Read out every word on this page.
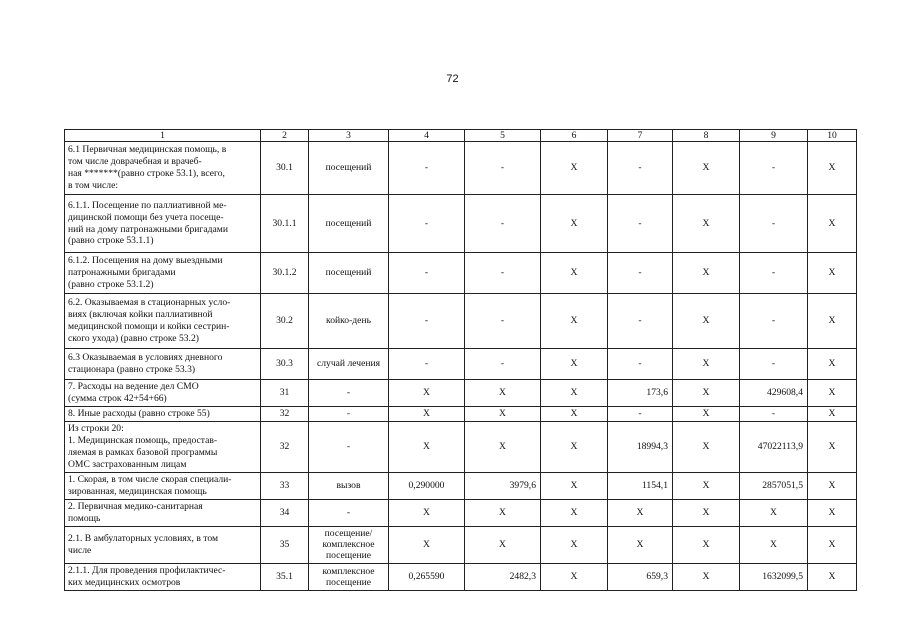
72
1	2	3	4	5	6	7	8	9	10
6.1 Первичная медицинская помощь, в
том числе доврачебная и врачеб-
ная *******(равно строке 53.1), всего,
в том числе:	30.1	посещений	-	-	X	-	X	-	X
6.1.1. Посещение по паллиативной ме-
дицинской помощи без учета посеще-
ний на дому патронажными бригадами
(равно строке 53.1.1)	30.1.1	посещений	-	-	X	-	X	-	X
6.1.2. Посещения на дому выездными
патронажными бригадами
(равно строке 53.1.2)	30.1.2	посещений	-	-	X	-	X	-	X
6.2. Оказываемая в стационарных усло-
виях (включая койки паллиативной
медицинской помощи и койки сестрин-
ского ухода) (равно строке 53.2)	30.2	койко-день	-	-	X	-	X	-	X
6.3 Оказываемая в условиях дневного
стационара (равно строке 53.3)	30.3	случай лечения	-	-	X	-	X	-	X
7. Расходы на ведение дел СМО
(сумма строк 42+54+66)	31	-	X	X	X	173,6	X	429608,4	X
8. Иные расходы (равно строке 55)	32	-	X	X	X	-	X	-	X
Из строки 20:
1. Медицинская помощь, предостав-
ляемая в рамках базовой программы
ОМС застрахованным лицам	32	-	X	X	X	18994,3	X	47022113,9	X
1. Скорая, в том числе скорая специали-
зированная, медицинская помощь	33	вызов	0,290000	3979,6	X	1154,1	X	2857051,5	X
2. Первичная медико-санитарная
помощь	34	-	X	X	X	X	X	X	X
2.1. В амбулаторных условиях, в том
числе	35	посещение/
комплексное
посещение	X	X	X	X	X	X	X
2.1.1. Для проведения профилактичес-
ких медицинских осмотров	35.1	комплексное
посещение	0,265590	2482,3	X	659,3	X	1632099,5	X
